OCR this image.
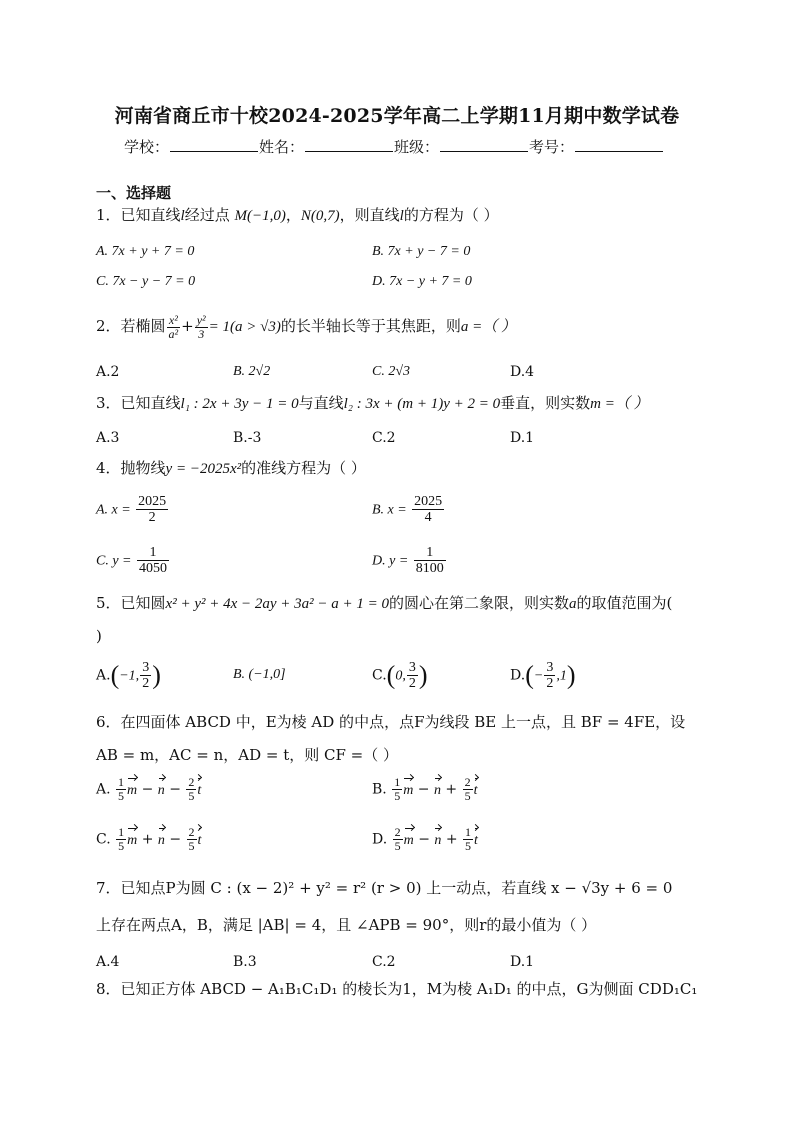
河南省商丘市十校2024-2025学年高二上学期11月期中数学试卷
学校：	姓名：	班级：	考号：
一、选择题
1．已知直线l经过点 M(−1,0)，N(0,7)，则直线l的方程为（ ）
A. 7x + y + 7 = 0	B. 7x + y − 7 = 0
C. 7x − y − 7 = 0	D. 7x − y + 7 = 0
2．若椭圆 $\frac{\text{x²}}{\text{a²}} + \frac{\text{y²}}{3} = 1(a > √3)$的长半轴长等于其焦距，则a =（ ）
A.2	B. 2√2	C. 2√3	D.4
3．已知直线l₁ : 2x + 3y − 1 = 0与直线l₂ : 3x + (m + 1)y + 2 = 0垂直，则实数m =（ ）
A.3	B.-3	C.2	D.1
4．抛物线y = −2025x²的准线方程为（ ）
A. $x = \frac{2025}{2}$	B. $x = \frac{2025}{4}$
C. $y = \frac{1}{4050}$	D. $y = \frac{1}{8100}$
5．已知圆x² + y² + 4x − 2ay + 3a² − a + 1 = 0的圆心在第二象限，则实数a的取值范围为(
)
A.(−1, $\frac{3}{2}$ )	B. (−1,0]	C.(0, $\frac{3}{2}$ )	$D.(- \frac{3}{2} ,1)$
6．在四面体 ABCD 中，E为棱 AD 的中点，点F为线段 BE 上一点，且 BF = 4FE，设
AB = m，AC = n，AD = t，则 CF =（ ）
A. $\frac{1}{5}$ $m - n - \frac{2}{5}$ t	B. $\frac{1}{5}$ $m - n + \frac{2}{5}$ t
C. $\frac{1}{5}$ $m + n - \frac{2}{5}$ t	D. $\frac{2}{5}$ $m - n + \frac{1}{5}$ t
7．已知点P为圆 C : (x − 2)² + y² = r² (r > 0) 上一动点，若直线 x − √3y + 6 = 0
上存在两点A，B，满足 |AB| = 4，且 ∠APB = 90°，则r的最小值为（ ）
A.4	B.3	C.2	D.1
8．已知正方体 ABCD − A₁B₁C₁D₁ 的棱长为1，M为棱 A₁D₁ 的中点，G为侧面 CDD₁C₁
